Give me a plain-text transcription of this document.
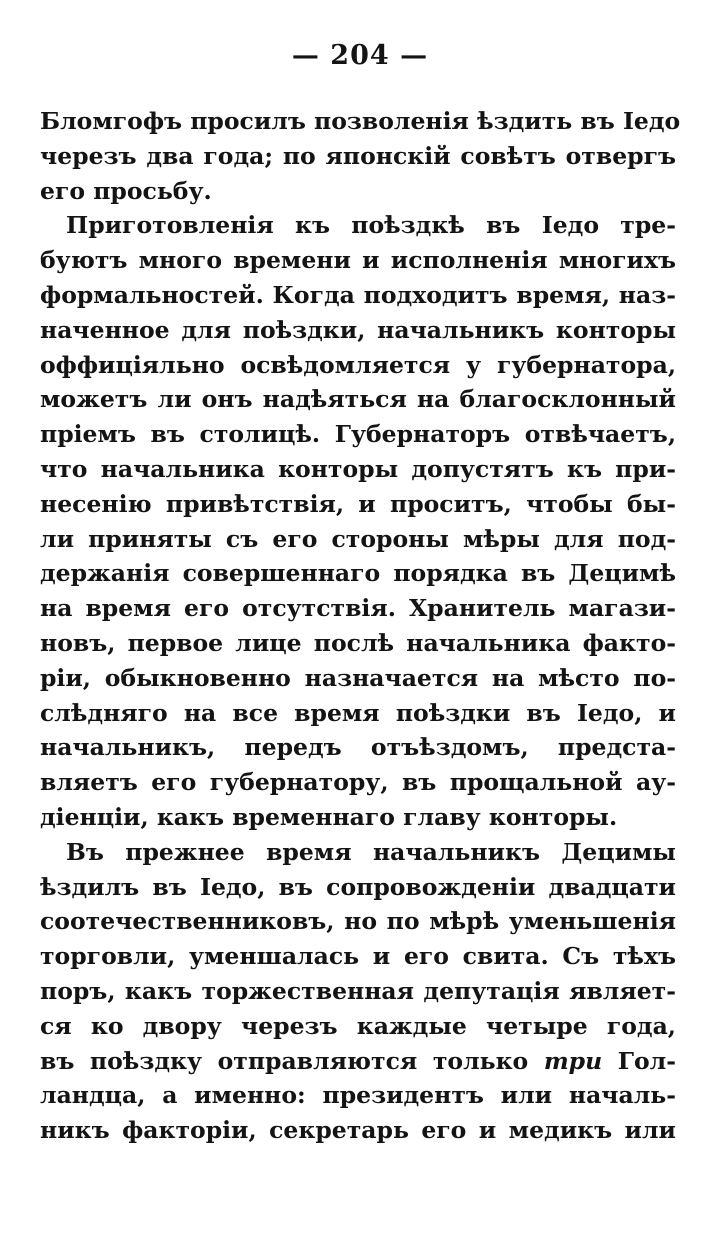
— 204 —
Бломгофъ просилъ позволенія ѣздить въ Іедо
черезъ два года; по японскій совѣтъ отвергъ
его просьбу.
Приготовленія къ поѣздкѣ въ Іедо тре-
буютъ много времени и исполненія многихъ
формальностей. Когда подходитъ время, наз-
наченное для поѣздки, начальникъ конторы
оффиціяльно освѣдомляется у губернатора,
можетъ ли онъ надѣяться на благосклонный
пріемъ въ столицѣ. Губернаторъ отвѣчаетъ,
что начальника конторы допустятъ къ при-
несенію привѣтствія, и проситъ, чтобы бы-
ли приняты съ его стороны мѣры для под-
держанія совершеннаго порядка въ Децимѣ
на время его отсутствія. Хранитель магази-
новъ, первое лице послѣ начальника факто-
ріи, обыкновенно назначается на мѣсто по-
слѣдняго на все время поѣздки въ Іедо, и
начальникъ, передъ отъѣздомъ, предста-
вляетъ его губернатору, въ прощальной ау-
діенціи, какъ временнаго главу конторы.
Въ прежнее время начальникъ Децимы
ѣздилъ въ Іедо, въ сопровожденіи двадцати
соотечественниковъ, но по мѣрѣ уменьшенія
торговли, уменшалась и его свита. Съ тѣхъ
поръ, какъ торжественная депутація являет-
ся ко двору черезъ каждые четыре года,
въ поѣздку отправляются только три Гол-
ландца, а именно: президентъ или началь-
никъ факторіи, секретарь его и медикъ или
